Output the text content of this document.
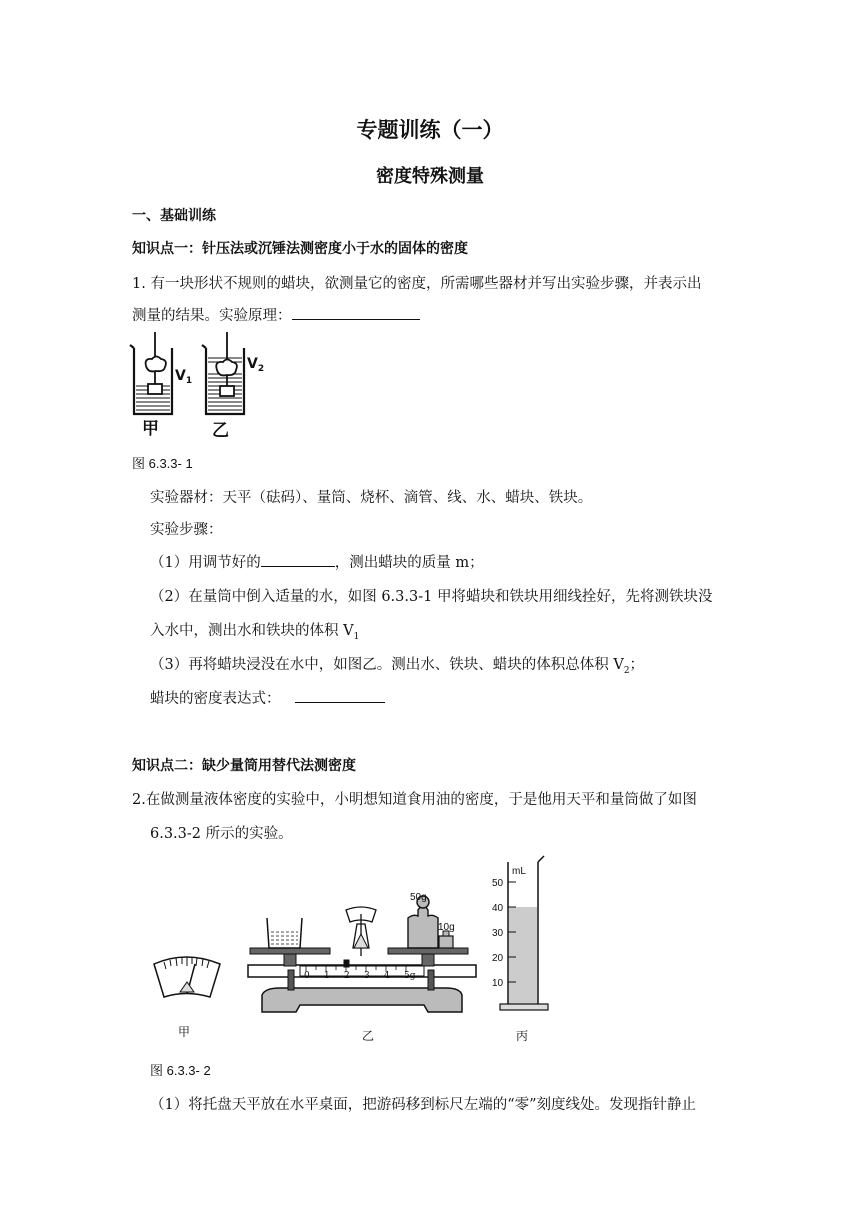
专题训练（一）
密度特殊测量
一、基础训练
知识点一：针压法或沉锤法测密度小于水的固体的密度
1. 有一块形状不规则的蜡块，欲测量它的密度，所需哪些器材并写出实验步骤，并表示出
测量的结果。实验原理：
$V_1$
$V_2$
甲	乙
图 6.3.3- 1
实验器材：天平（砝码）、量筒、烧杯、滴管、线、水、蜡块、铁块。
实验步骤：
（1）用调节好的	，测出蜡块的质量 m；
（2）在量筒中倒入适量的水，如图 6.3.3-1 甲将蜡块和铁块用细线拴好，先将测铁块没
入水中，测出水和铁块的体积 $V_1$
（3）再将蜡块浸没在水中，如图乙。测出水、铁块、蜡块的体积总体积 $V_2$；
蜡块的密度表达式：
知识点二：缺少量筒用替代法测密度
2.在做测量液体密度的实验中，小明想知道食用油的密度，于是他用天平和量筒做了如图
6.3.3-2 所示的实验。
0 1 2 3 4 5g
50g
10g
mL
50
40
30
20
10
甲	乙	丙
图 6.3.3- 2
（1）将托盘天平放在水平桌面，把游码移到标尺左端的“零”刻度线处。发现指针静止
